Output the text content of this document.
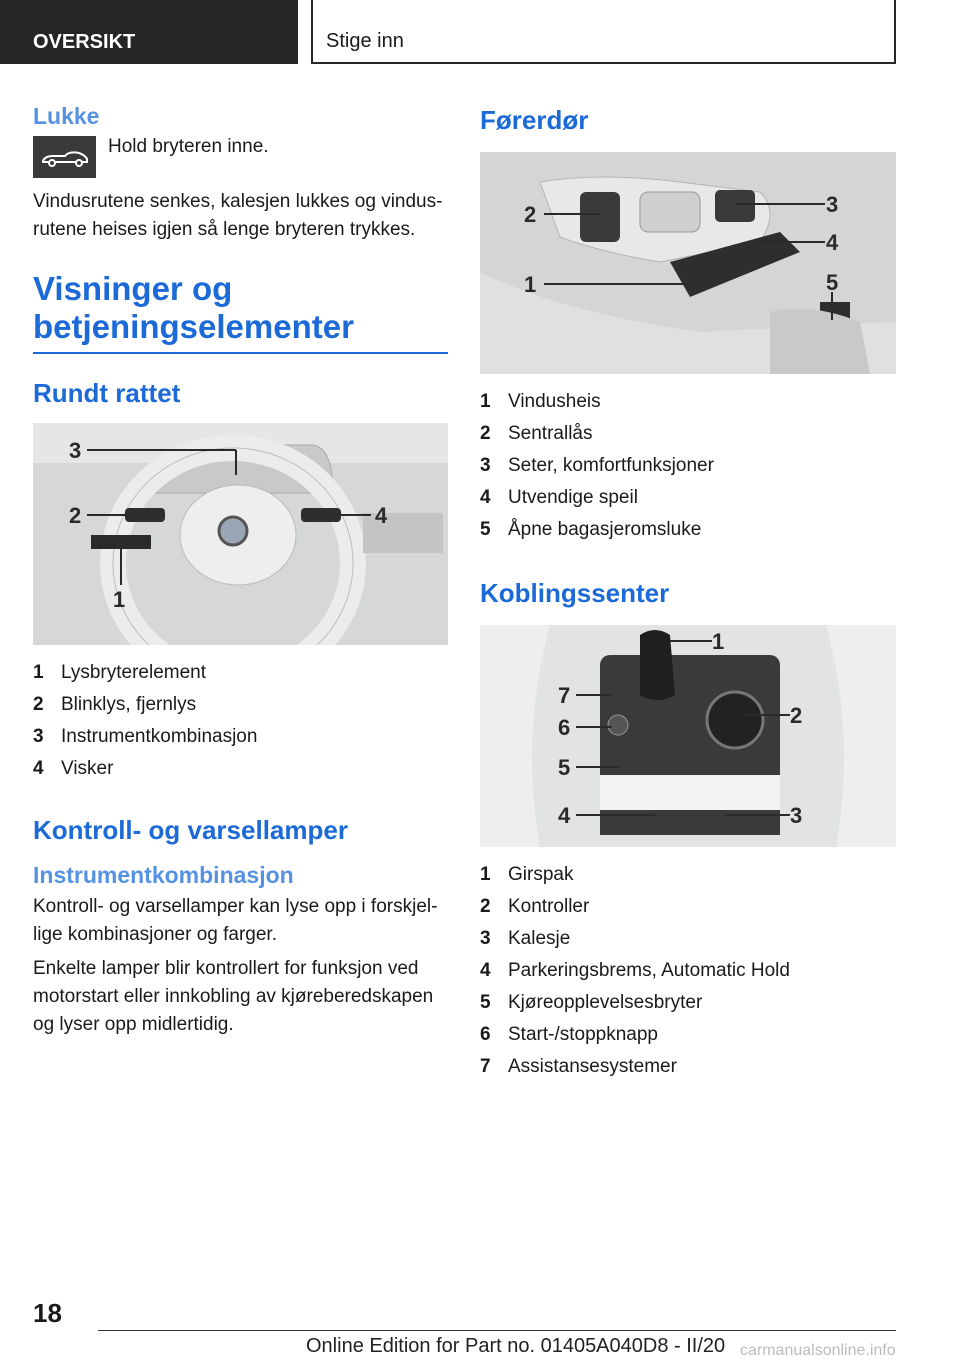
OVERSIKT	Stige inn
Lukke
Hold bryteren inne.
Vindusrutene senkes, kalesjen lukkes og vindusrutene heises igjen så lenge bryteren trykkes.
Visninger og
betjeningselementer
Rundt rattet
3
2	4
1
1 Lysbryterelement
2 Blinklys, fjernlys
3 Instrumentkombinasjon
4 Visker
Kontroll- og varsellamper
Instrumentkombinasjon
Kontroll- og varsellamper kan lyse opp i forskjellige kombinasjoner og farger.
Enkelte lamper blir kontrollert for funksjon ved motorstart eller innkobling av kjøreberedskapen og lyser opp midlertidig.
Førerdør
2	3
4
1	5
1 Vindusheis
2 Sentrallås
3 Seter, komfortfunksjoner
4 Utvendige speil
5 Åpne bagasjeromsluke
Koblingssenter
1
7
2
6
5
4	3
1 Girspak
2 Kontroller
3 Kalesje
4 Parkeringsbrems, Automatic Hold
5 Kjøreopplevelsesbryter
6 Start-/stoppknapp
7 Assistansesystemer
18
Online Edition for Part no. 01405A040D8 - II/20 carmanualsonline.info
